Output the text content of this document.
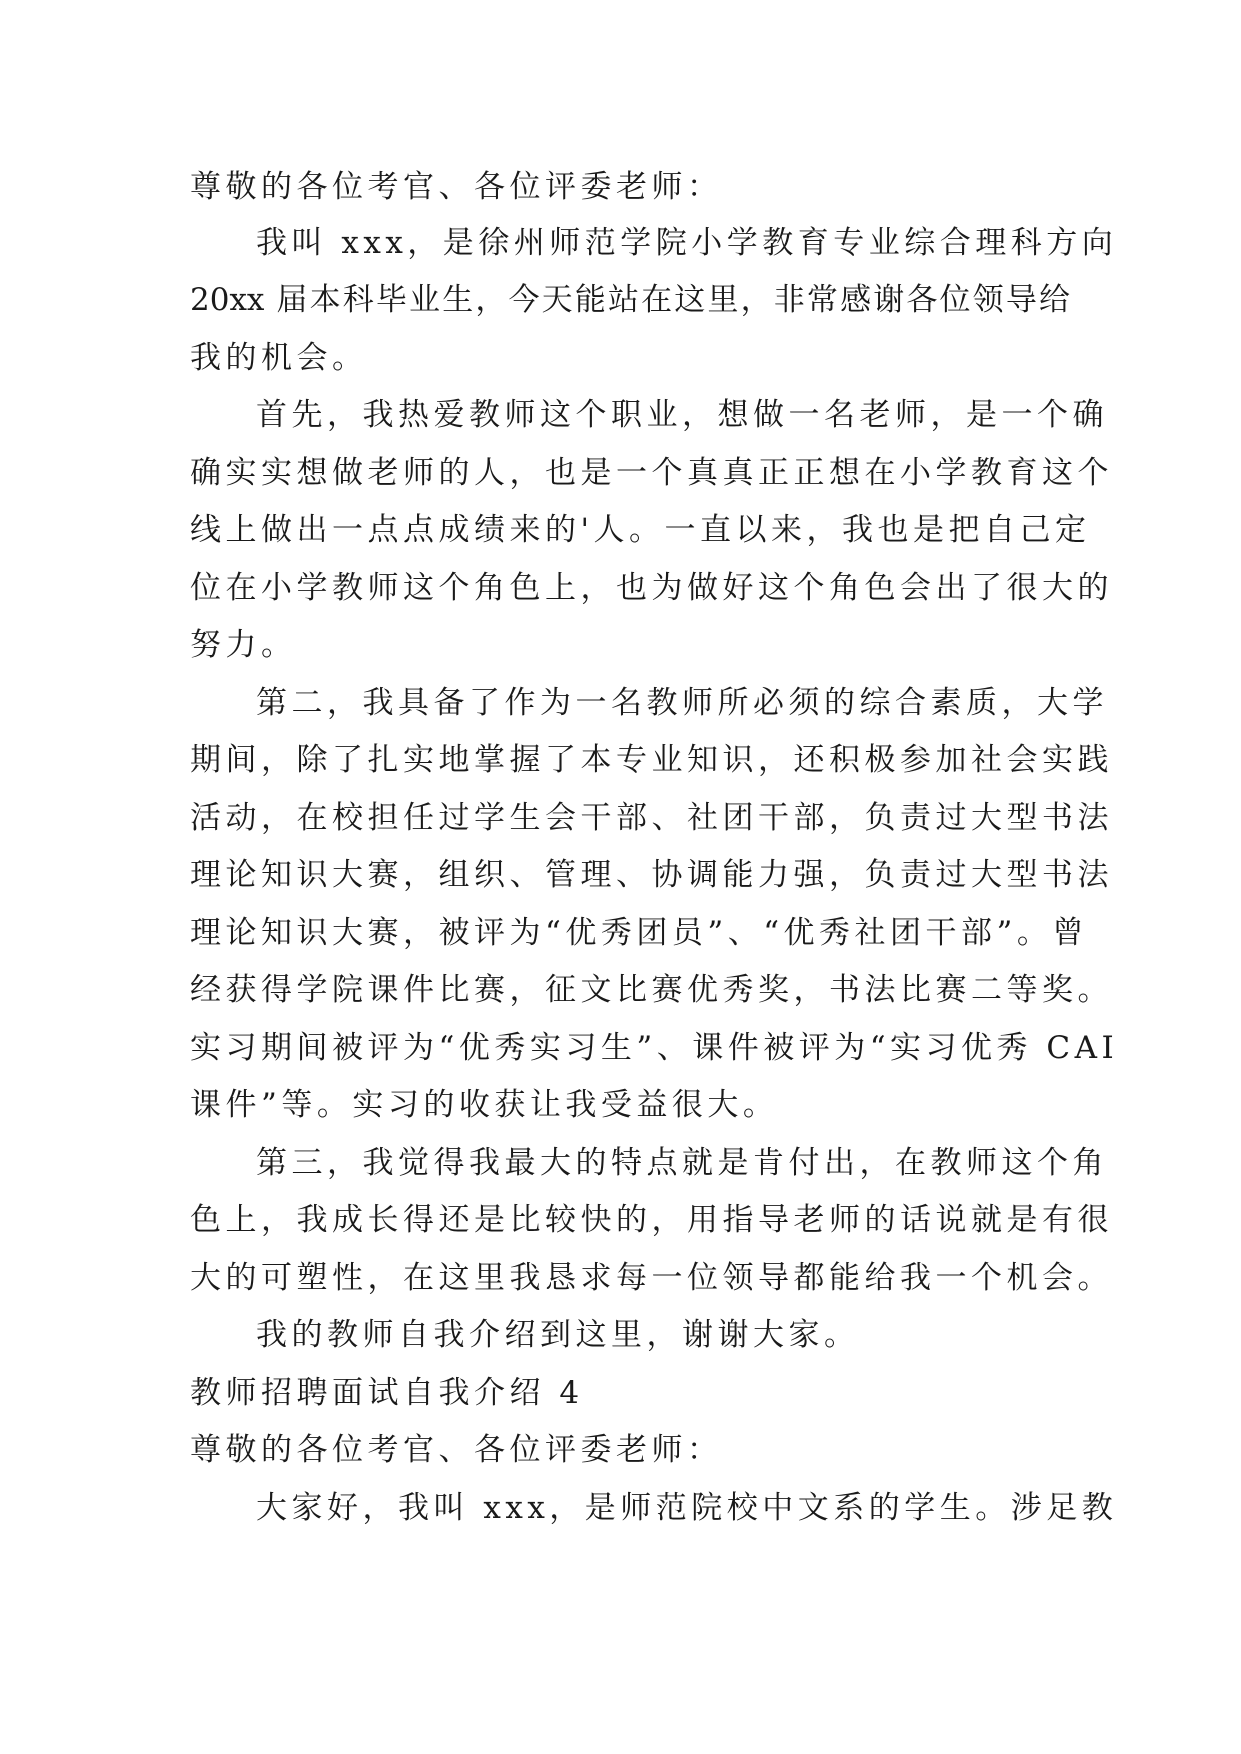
尊敬的各位考官、各位评委老师：
我叫 xxx，是徐州师范学院小学教育专业综合理科方向
20xx 届本科毕业生，今天能站在这里，非常感谢各位领导给
我的机会。
首先，我热爱教师这个职业，想做一名老师，是一个确
确实实想做老师的人，也是一个真真正正想在小学教育这个
线上做出一点点成绩来的'人。一直以来，我也是把自己定
位在小学教师这个角色上，也为做好这个角色会出了很大的
努力。
第二，我具备了作为一名教师所必须的综合素质，大学
期间，除了扎实地掌握了本专业知识，还积极参加社会实践
活动，在校担任过学生会干部、社团干部，负责过大型书法
理论知识大赛，组织、管理、协调能力强，负责过大型书法
理论知识大赛，被评为“优秀团员”、“优秀社团干部”。曾
经获得学院课件比赛，征文比赛优秀奖，书法比赛二等奖。
实习期间被评为“优秀实习生”、课件被评为“实习优秀 CAI
课件”等。实习的收获让我受益很大。
第三，我觉得我最大的特点就是肯付出，在教师这个角
色上，我成长得还是比较快的，用指导老师的话说就是有很
大的可塑性，在这里我恳求每一位领导都能给我一个机会。
我的教师自我介绍到这里，谢谢大家。
教师招聘面试自我介绍 4
尊敬的各位考官、各位评委老师：
大家好，我叫 xxx，是师范院校中文系的学生。涉足教
